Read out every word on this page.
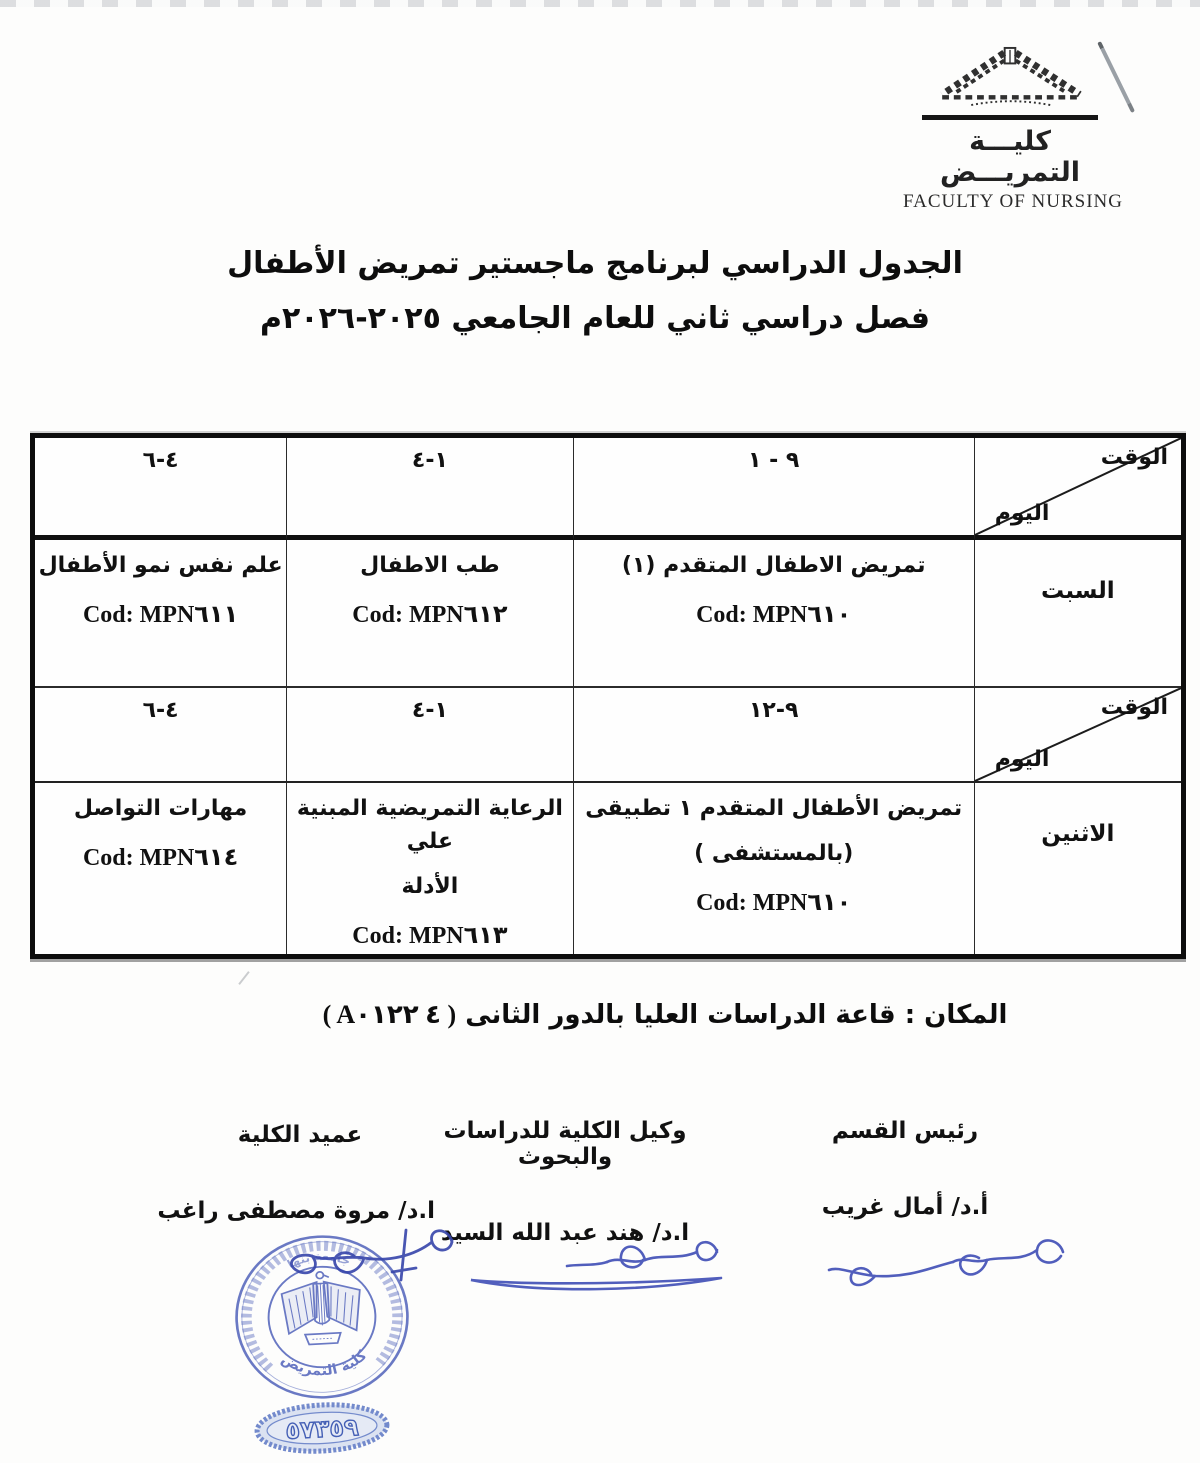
كليـــة التمريـــض
FACULTY OF NURSING
الجدول الدراسي لبرنامج ماجستير تمريض الأطفال
فصل دراسي ثاني للعام الجامعي ٢٠٢٥-٢٠٢٦م
الوقت
اليوم
٩ - ١
١-٤
٤-٦
السبت
تمريض الاطفال المتقدم (١)
Cod: MPN٦١٠
طب الاطفال
Cod: MPN٦١٢
علم نفس نمو الأطفال
Cod: MPN٦١١
الوقت
اليوم
٩-١٢
١-٤
٤-٦
الاثنين
تمريض الأطفال المتقدم ١ تطبيقى
(بالمستشفى )
Cod: MPN٦١٠
الرعاية التمريضية المبنية علي
الأدلة
Cod: MPN٦١٣
مهارات التواصل
Cod: MPN٦١٤
المكان : قاعة الدراسات العليا بالدور الثانى ( A٤ ٠١٢٢ )
رئيس القسم
أ.د/ أمال غريب
وكيل الكلية للدراسات والبحوث
ا.د/ هند عبد الله السيد
عميد الكلية
ا.د/ مروة مصطفى راغب
كلية التمريض
جامعة بنها
٥٧٣٥٩
